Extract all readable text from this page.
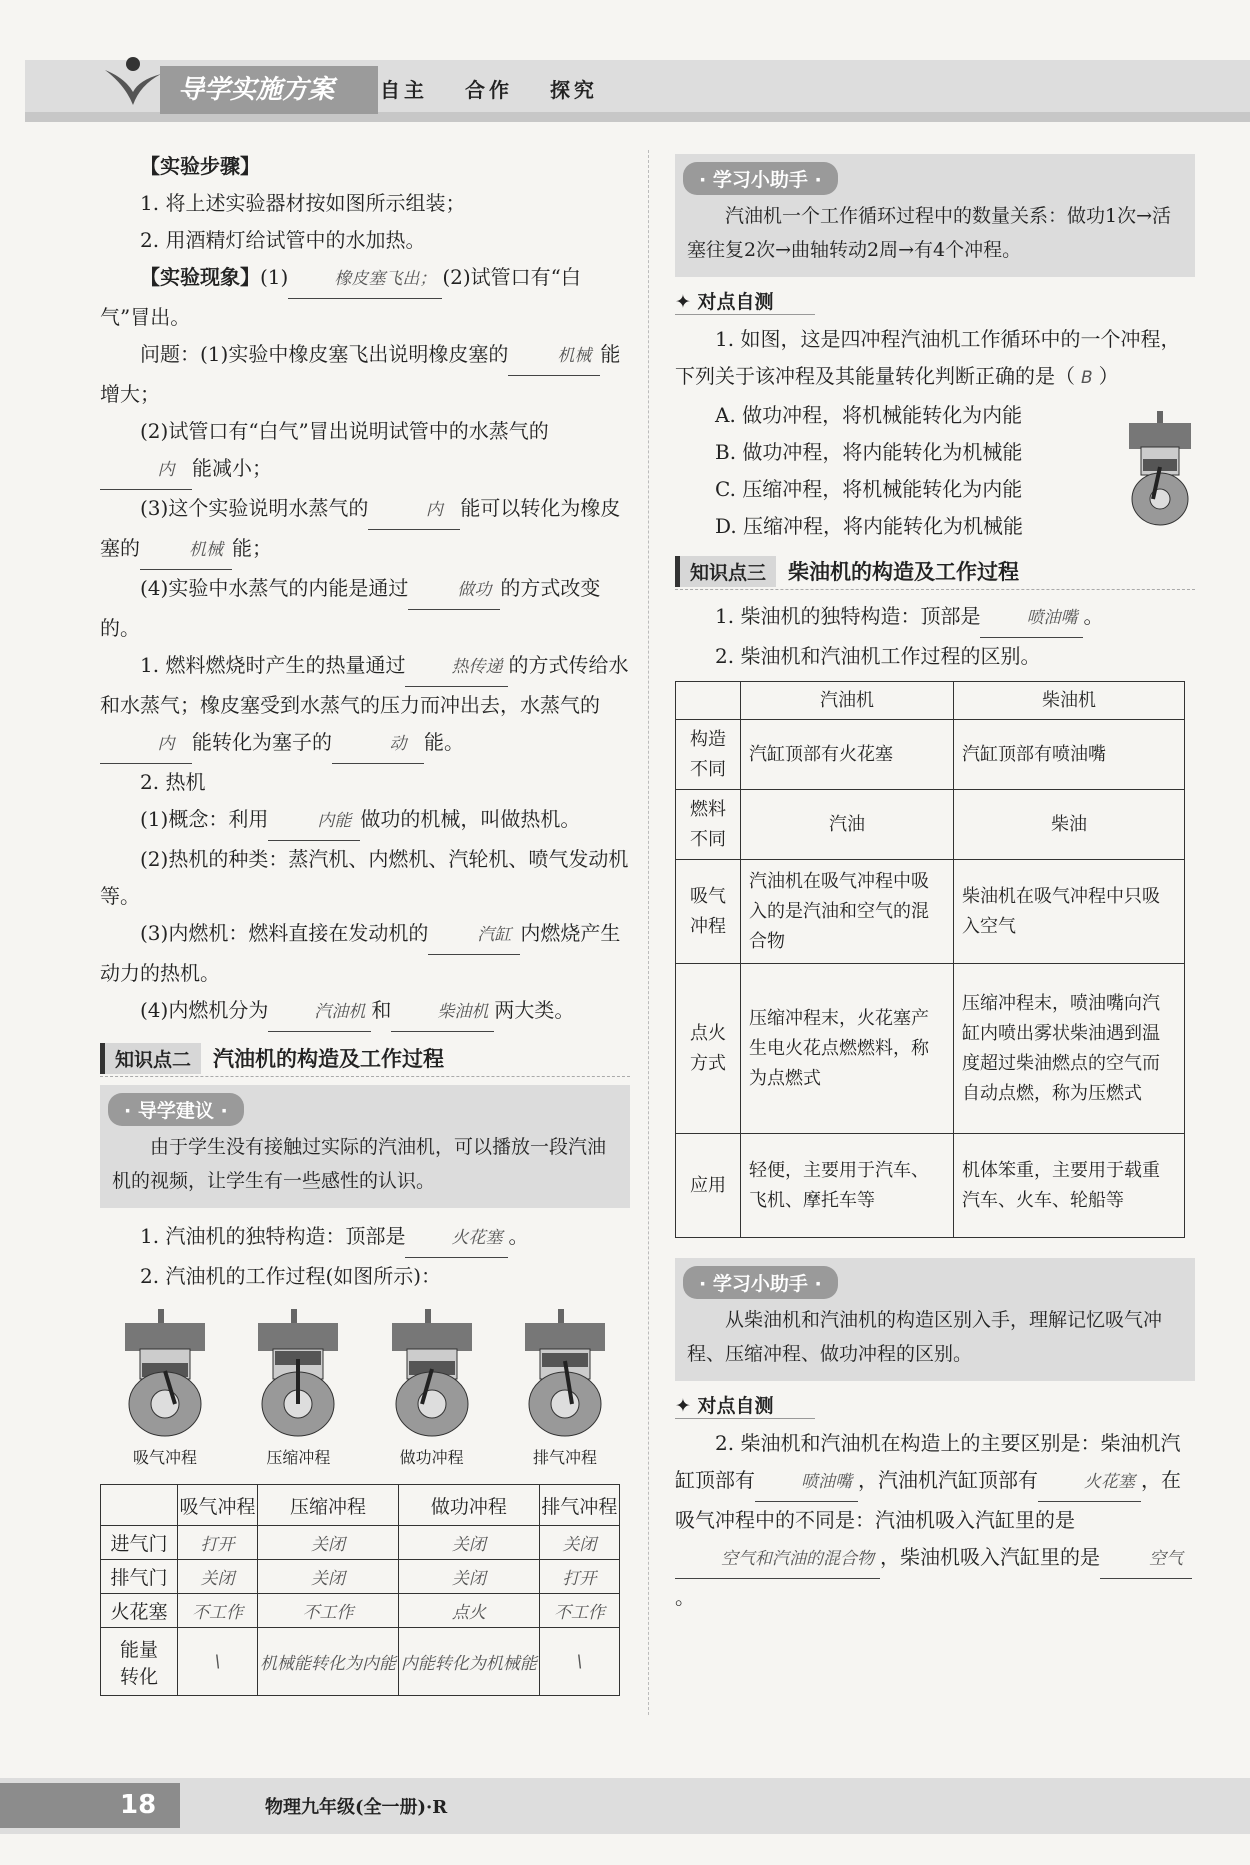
导学实施方案	自主 合作 探究

【实验步骤】

1. 将上述实验器材按如图所示组装；

2. 用酒精灯给试管中的水加热。

【实验现象】(1)	橡皮塞飞出； (2)试管口有“白气”冒出。

问题：(1)实验中橡皮塞飞出说明橡皮塞的	机械 能增大；

(2)试管口有“白气”冒出说明试管中的水蒸气的内 能减小；

(3)这个实验说明水蒸气的	内 能可以转化为橡皮塞的	机械 能；

(4)实验中水蒸气的内能是通过	做功 的方式改变的。

1. 燃料燃烧时产生的热量通过	热传递 的方式传给水和水蒸气；橡皮塞受到水蒸气的压力而冲出去，水蒸气的内 能转化为塞子的	动 能。

2. 热机

(1)概念：利用	内能 做功的机械，叫做热机。

(2)热机的种类：蒸汽机、内燃机、汽轮机、喷气发动机等。

(3)内燃机：燃料直接在发动机的	汽缸 内燃烧产生动力的热机。

(4)内燃机分为	汽油机 和	柴油机 两大类。

知识点二	汽油机的构造及工作过程
· 导学建议 ·
由于学生没有接触过实际的汽油机，可以播放一段汽油机的视频，让学生有一些感性的认识。

1. 汽油机的独特构造：顶部是	火花塞 。

2. 汽油机的工作过程(如图所示)：

吸气冲程	压缩冲程	做功冲程	排气冲程
	吸气冲程	压缩冲程	做功冲程	排气冲程
进气门	打开	关闭	关闭	关闭
排气门	关闭	关闭	关闭	打开
火花塞	不工作	不工作	点火	不工作
能量转化	\	机械能转化为内能	内能转化为机械能	\
· 学习小助手 ·
汽油机一个工作循环过程中的数量关系：做功1次→活塞往复2次→曲轴转动2周→有4个冲程。
✦ 对点自测

1. 如图，这是四冲程汽油机工作循环中的一个冲程，下列关于该冲程及其能量转化判断正确的是（ B ）

A. 做功冲程，将机械能转化为内能

B. 做功冲程，将内能转化为机械能

C. 压缩冲程，将机械能转化为内能

D. 压缩冲程，将内能转化为机械能

知识点三	柴油机的构造及工作过程

1. 柴油机的独特构造：顶部是	喷油嘴 。

2. 柴油机和汽油机工作过程的区别。

	汽油机	柴油机
构造不同	汽缸顶部有火花塞	汽缸顶部有喷油嘴
燃料不同	汽油	柴油
吸气冲程	汽油机在吸气冲程中吸入的是汽油和空气的混合物	柴油机在吸气冲程中只吸入空气
点火方式	压缩冲程末，火花塞产生电火花点燃燃料，称为点燃式	压缩冲程末，喷油嘴向汽缸内喷出雾状柴油遇到温度超过柴油燃点的空气而自动点燃，称为压燃式
应用	轻便，主要用于汽车、飞机、摩托车等	机体笨重，主要用于载重汽车、火车、轮船等
· 学习小助手 ·
从柴油机和汽油机的构造区别入手，理解记忆吸气冲程、压缩冲程、做功冲程的区别。
✦ 对点自测

2. 柴油机和汽油机在构造上的主要区别是：柴油机汽缸顶部有	喷油嘴 ，汽油机汽缸顶部有	火花塞 ，在吸气冲程中的不同是：汽油机吸入汽缸里的是空气和汽油的混合物 ，柴油机吸入汽缸里的是	空气。

18	物理九年级(全一册)·R
